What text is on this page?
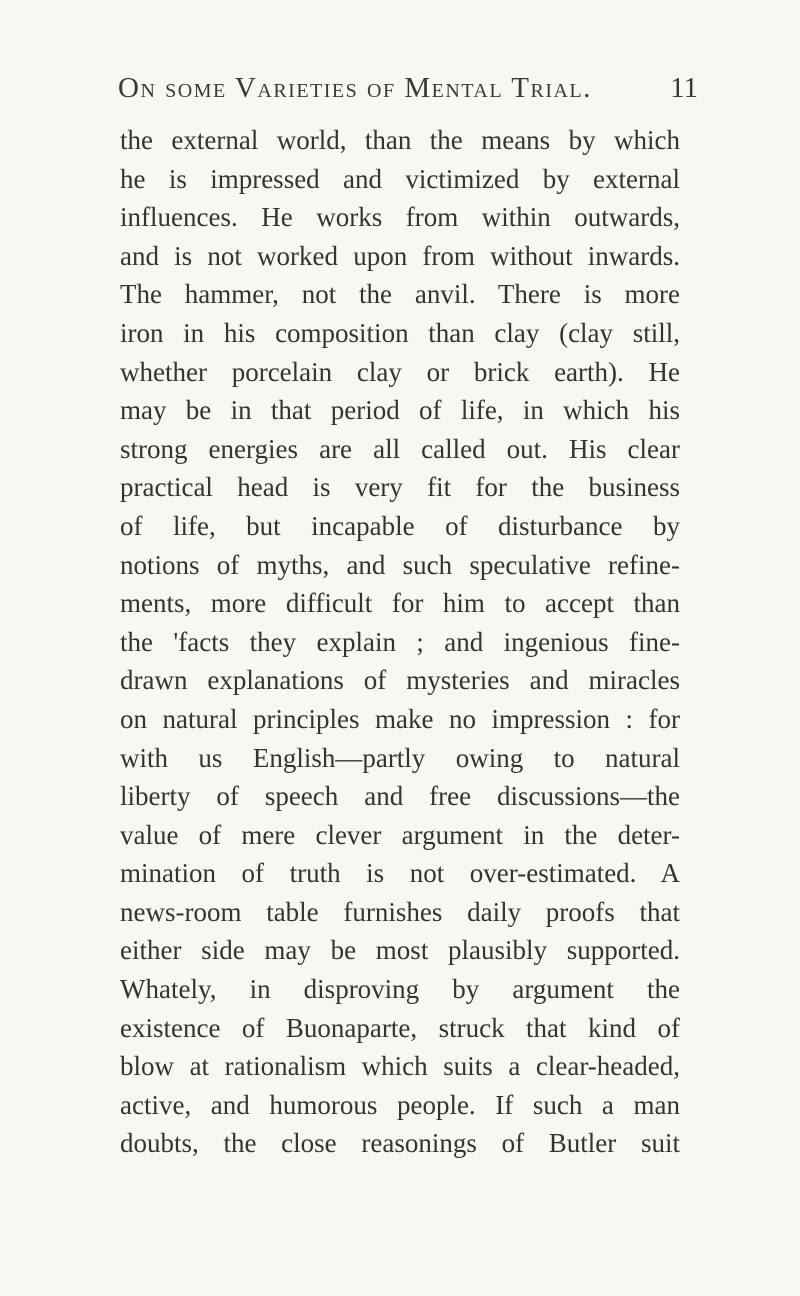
On some Varieties of Mental Trial.	11
the external world, than the means by which
he is impressed and victimized by external
influences. He works from within outwards,
and is not worked upon from without inwards.
The hammer, not the anvil. There is more
iron in his composition than clay (clay still,
whether porcelain clay or brick earth). He
may be in that period of life, in which his
strong energies are all called out. His clear
practical head is very fit for the business
of life, but incapable of disturbance by
notions of myths, and such speculative refine-
ments, more difficult for him to accept than
the 'facts they explain ; and ingenious fine-
drawn explanations of mysteries and miracles
on natural principles make no impression : for
with us English—partly owing to natural
liberty of speech and free discussions—the
value of mere clever argument in the deter-
mination of truth is not over-estimated. A
news-room table furnishes daily proofs that
either side may be most plausibly supported.
Whately, in disproving by argument the
existence of Buonaparte, struck that kind of
blow at rationalism which suits a clear-headed,
active, and humorous people. If such a man
doubts, the close reasonings of Butler suit
